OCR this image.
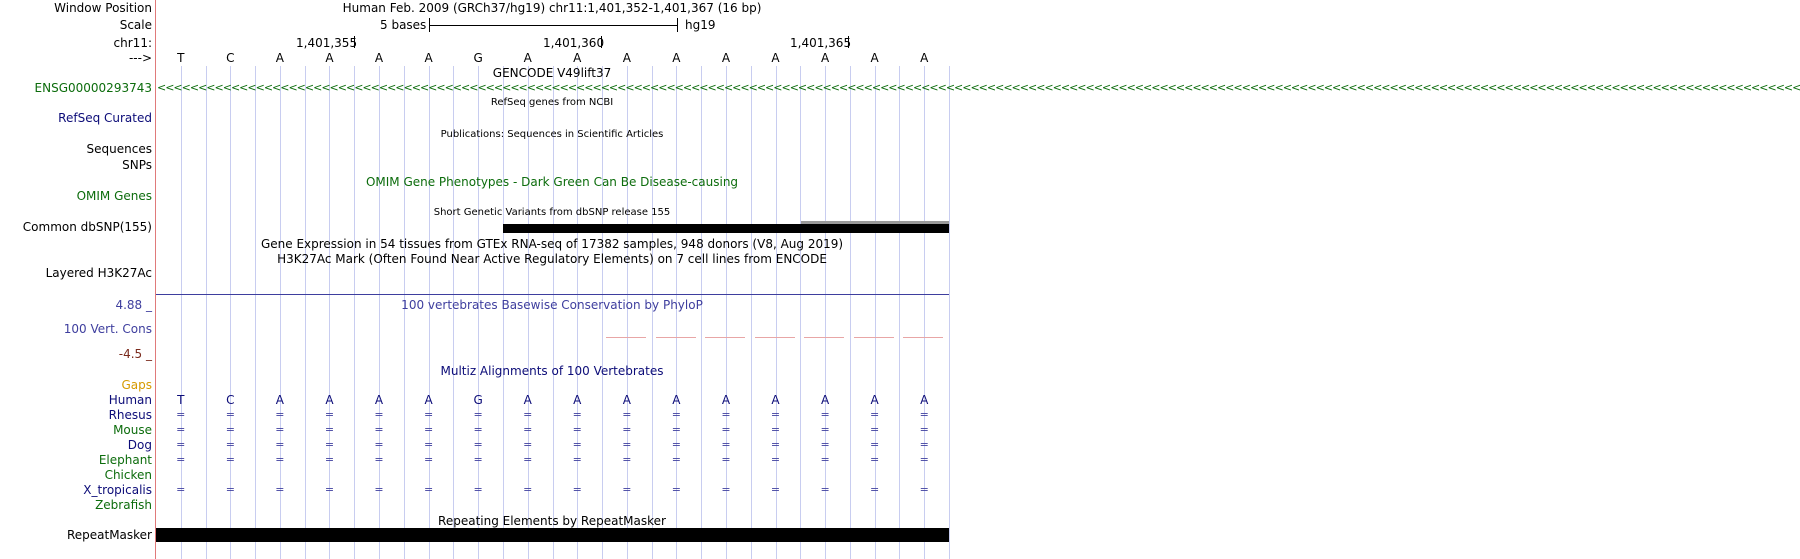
Window Position	Human Feb. 2009 (GRCh37/hg19) chr11:1,401,352-1,401,367 (16 bp)
Scale	5 bases	hg19
chr11:	1,401,355	1,401,360	1,401,365
---> T	C	A	A	A	A	G	A	A	A	A	A	A	A	A	A
GENCODE V49lift37
ENSG00000293743 <<<<<<<<<<<<<<<<<<<<<<<<<<<<<<<<<<<<<<<<<<<<<<<<<<<<<<<<<<<<<<<<<<<<<<<<<<<<<<<<<<<<<<<<<<<<<<<<<<<<<<<<<<<<<<<<<<<<<<<<<<<<<<<<<<<<<<<<<<<<<<<<<<<<<<<<<<<<<<<<<<<<<<<<<<<<<<<<<<<<<<<<<<<<<<<<<<<<<<<<
RefSeq genes from NCBI
RefSeq Curated
Publications: Sequences in Scientific Articles
Sequences
SNPs
OMIM Gene Phenotypes - Dark Green Can Be Disease-causing
OMIM Genes
Short Genetic Variants from dbSNP release 155
Common dbSNP(155)
Gene Expression in 54 tissues from GTEx RNA-seq of 17382 samples, 948 donors (V8, Aug 2019)
H3K27Ac Mark (Often Found Near Active Regulatory Elements) on 7 cell lines from ENCODE
Layered H3K27Ac
4.88 _	100 vertebrates Basewise Conservation by PhyloP
100 Vert. Cons
-4.5 _
Multiz Alignments of 100 Vertebrates
Gaps
Human T	C	A	A	A	A	G	A	A	A	A	A	A	A	A	A
Rhesus =	=	=	=	=	=	=	=	=	=	=	=	=	=	=	=
Mouse =	=	=	=	=	=	=	=	=	=	=	=	=	=	=	=
Dog =	=	=	=	=	=	=	=	=	=	=	=	=	=	=	=
Elephant =	=	=	=	=	=	=	=	=	=	=	=	=	=	=	=
Chicken
X_tropicalis =	=	=	=	=	=	=	=	=	=	=	=	=	=	=	=
Zebrafish
Repeating Elements by RepeatMasker
RepeatMasker
